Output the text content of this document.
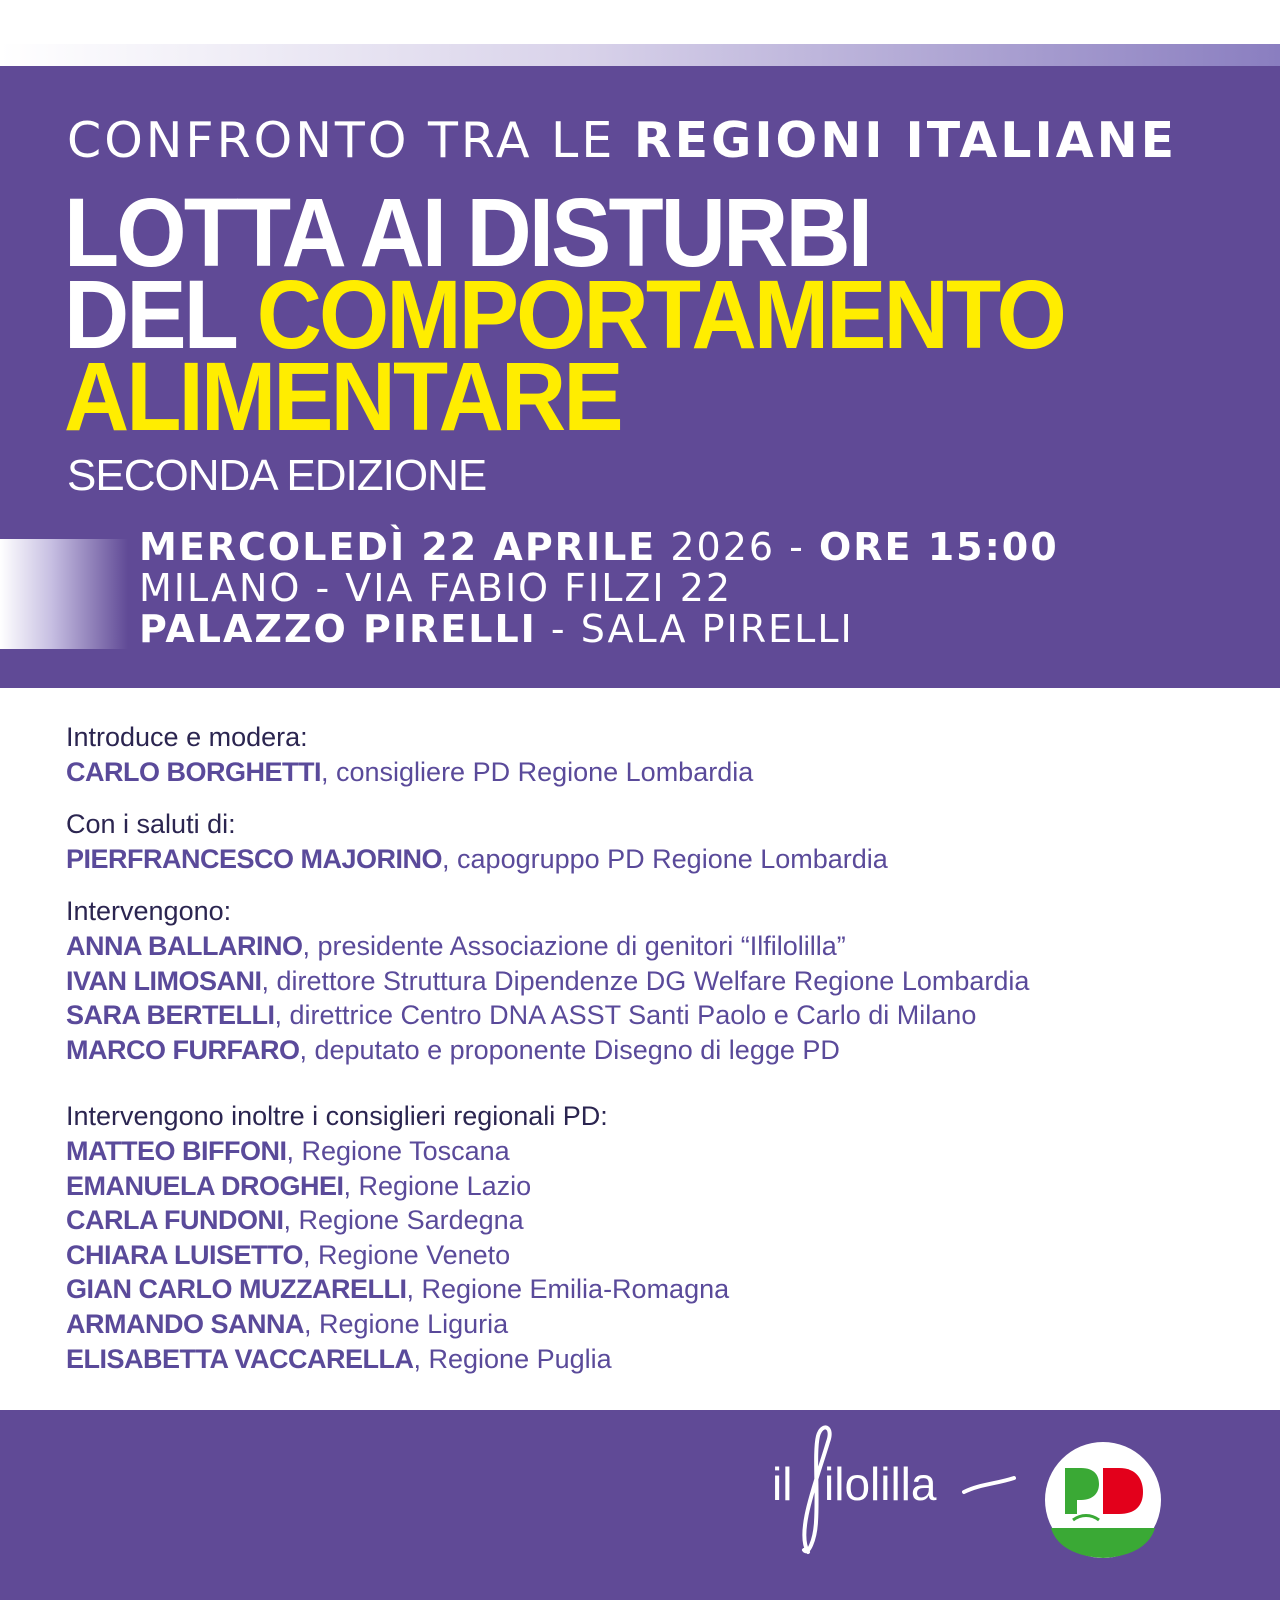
CONFRONTO TRA LE REGIONI ITALIANE
LOTTA AI DISTURBI
DEL COMPORTAMENTO
ALIMENTARE
SECONDA EDIZIONE
MERCOLEDÌ 22 APRILE 2026 - ORE 15:00
MILANO - VIA FABIO FILZI 22
PALAZZO PIRELLI - SALA PIRELLI
Introduce e modera:
CARLO BORGHETTI, consigliere PD Regione Lombardia
Con i saluti di:
PIERFRANCESCO MAJORINO, capogruppo PD Regione Lombardia
Intervengono:
ANNA BALLARINO, presidente Associazione di genitori “Ilfilolilla”
IVAN LIMOSANI, direttore Struttura Dipendenze DG Welfare Regione Lombardia
SARA BERTELLI, direttrice Centro DNA ASST Santi Paolo e Carlo di Milano
MARCO FURFARO, deputato e proponente Disegno di legge PD
Intervengono inoltre i consiglieri regionali PD:
MATTEO BIFFONI, Regione Toscana
EMANUELA DROGHEI, Regione Lazio
CARLA FUNDONI, Regione Sardegna
CHIARA LUISETTO, Regione Veneto
GIAN CARLO MUZZARELLI, Regione Emilia-Romagna
ARMANDO SANNA, Regione Liguria
ELISABETTA VACCARELLA, Regione Puglia
il ilolilla
